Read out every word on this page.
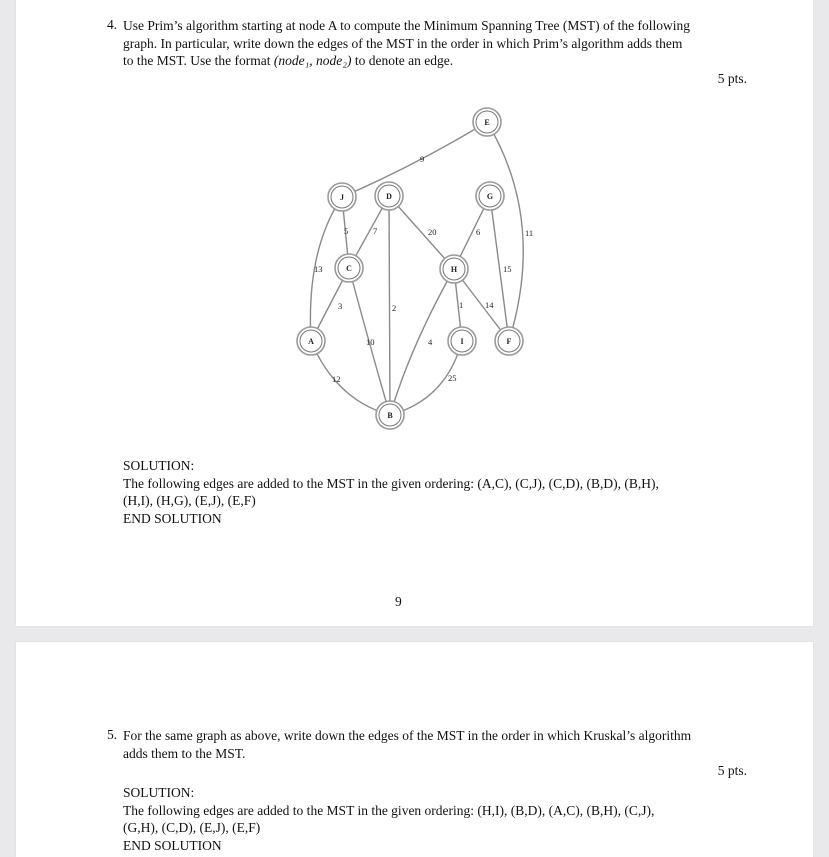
4. Use Prim’s algorithm starting at node A to compute the Minimum Spanning Tree (MST) of the following
graph. In particular, write down the edges of the MST in the order in which Prim’s algorithm adds them
to the MST. Use the format (node₁, node₂) to denote an edge.
5 pts.
9
5	7	20	6	11
13	15
3	2	1	14
10	4
12	25
E
J	D	G
C	H
A	I	F
B
SOLUTION:
The following edges are added to the MST in the given ordering: (A,C), (C,J), (C,D), (B,D), (B,H),
(H,I), (H,G), (E,J), (E,F)
END SOLUTION
9
5. For the same graph as above, write down the edges of the MST in the order in which Kruskal’s algorithm
adds them to the MST.
5 pts.
SOLUTION:
The following edges are added to the MST in the given ordering: (H,I), (B,D), (A,C), (B,H), (C,J),
(G,H), (C,D), (E,J), (E,F)
END SOLUTION
